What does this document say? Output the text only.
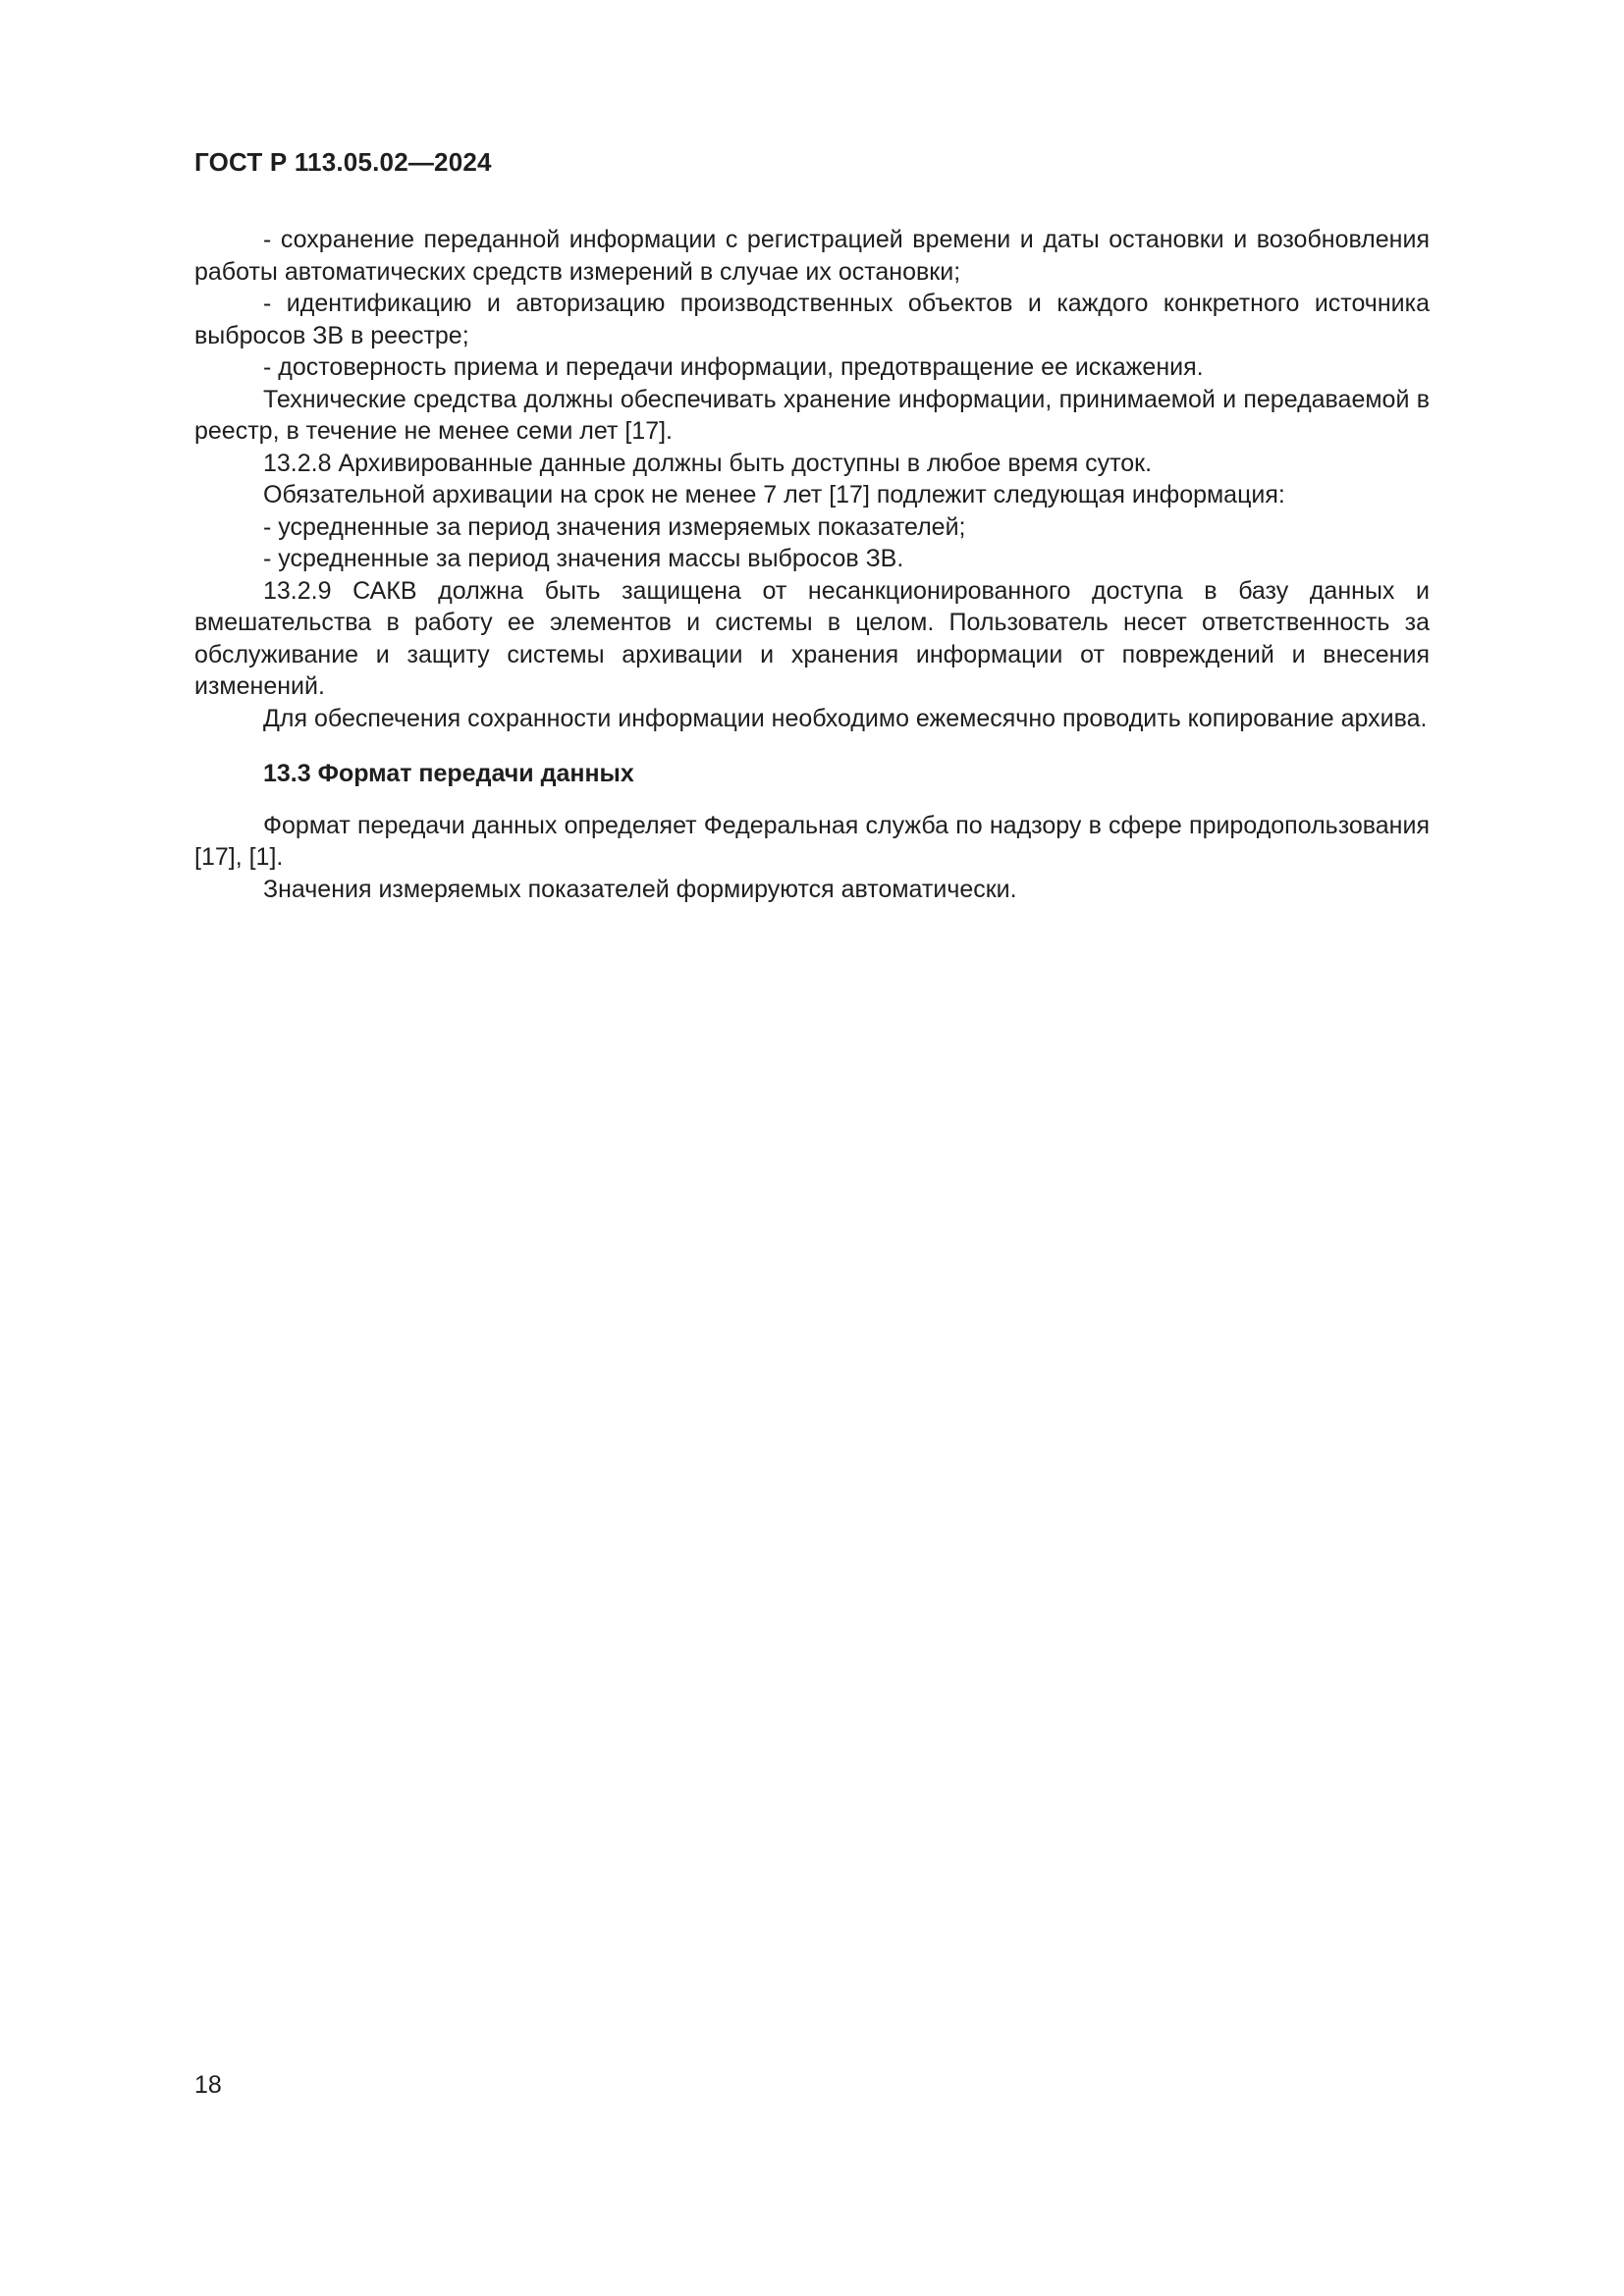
ГОСТ Р 113.05.02—2024

- сохранение переданной информации с регистрацией времени и даты остановки и возобновления работы автоматических средств измерений в случае их остановки;

- идентификацию и авторизацию производственных объектов и каждого конкретного источника выбросов ЗВ в реестре;

- достоверность приема и передачи информации, предотвращение ее искажения.

Технические средства должны обеспечивать хранение информации, принимаемой и передаваемой в реестр, в течение не менее семи лет [17].

13.2.8 Архивированные данные должны быть доступны в любое время суток.

Обязательной архивации на срок не менее 7 лет [17] подлежит следующая информация:

- усредненные за период значения измеряемых показателей;

- усредненные за период значения массы выбросов ЗВ.

13.2.9 САКВ должна быть защищена от несанкционированного доступа в базу данных и вмешательства в работу ее элементов и системы в целом. Пользователь несет ответственность за обслуживание и защиту системы архивации и хранения информации от повреждений и внесения изменений.

Для обеспечения сохранности информации необходимо ежемесячно проводить копирование архива.

13.3 Формат передачи данных

Формат передачи данных определяет Федеральная служба по надзору в сфере природопользования [17], [1].

Значения измеряемых показателей формируются автоматически.

18
